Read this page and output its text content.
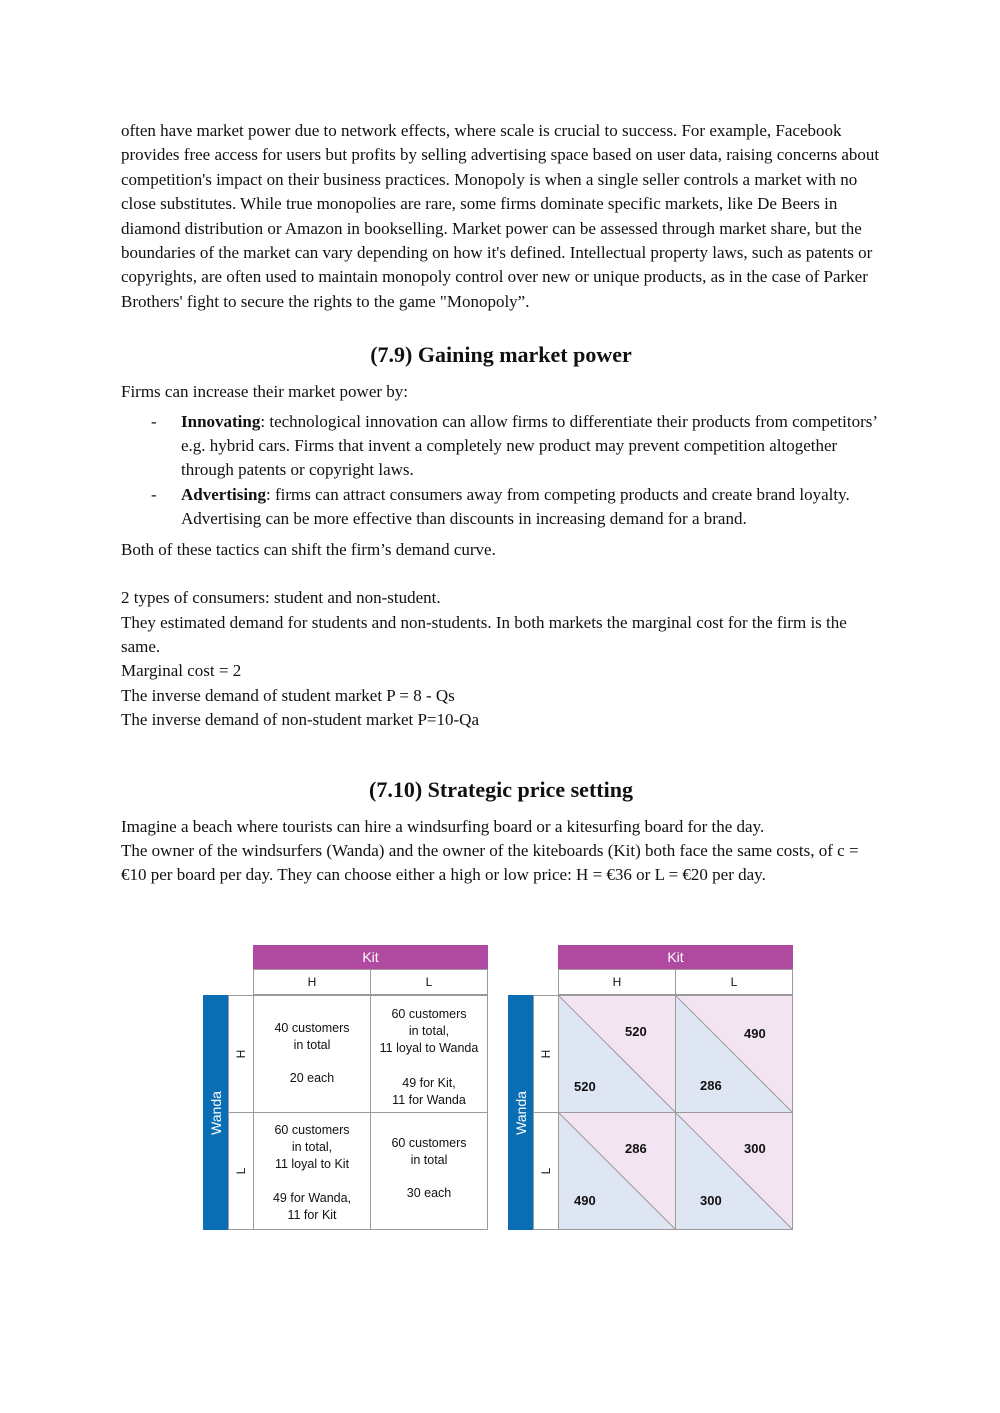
often have market power due to network effects, where scale is crucial to success. For example, Facebook provides free access for users but profits by selling advertising space based on user data, raising concerns about competition's impact on their business practices. Monopoly is when a single seller controls a market with no close substitutes. While true monopolies are rare, some firms dominate specific markets, like De Beers in diamond distribution or Amazon in bookselling. Market power can be assessed through market share, but the boundaries of the market can vary depending on how it's defined. Intellectual property laws, such as patents or copyrights, are often used to maintain monopoly control over new or unique products, as in the case of Parker Brothers' fight to secure the rights to the game "Monopoly”.

(7.9) Gaining market power

Firms can increase their market power by:

- Innovating: technological innovation can allow firms to differentiate their products from competitors’ e.g. hybrid cars. Firms that invent a completely new product may prevent competition altogether through patents or copyright laws.
- Advertising: firms can attract consumers away from competing products and create brand loyalty. Advertising can be more effective than discounts in increasing demand for a brand.

Both of these tactics can shift the firm’s demand curve.

2 types of consumers: student and non-student.

They estimated demand for students and non-students. In both markets the marginal cost for the firm is the same.

Marginal cost = 2

The inverse demand of student market P = 8 - Qs

The inverse demand of non-student market P=10-Qa

(7.10) Strategic price setting

Imagine a beach where tourists can hire a windsurfing board or a kitesurfing board for the day.

The owner of the windsurfers (Wanda) and the owner of the kiteboards (Kit) both face the same costs, of c = €10 per board per day. They can choose either a high or low price: H = €36 or L = €20 per day.

Kit
H	L
Wanda
H
L
40 customers
in total
20 each
60 customers
in total,
11 loyal to Wanda
49 for Kit,
11 for Wanda
60 customers
in total,
11 loyal to Kit
49 for Wanda,
11 for Kit
60 customers
in total
30 each
Kit
H	L
Wanda
H
L
520
520
490
286
286
490
300
300
